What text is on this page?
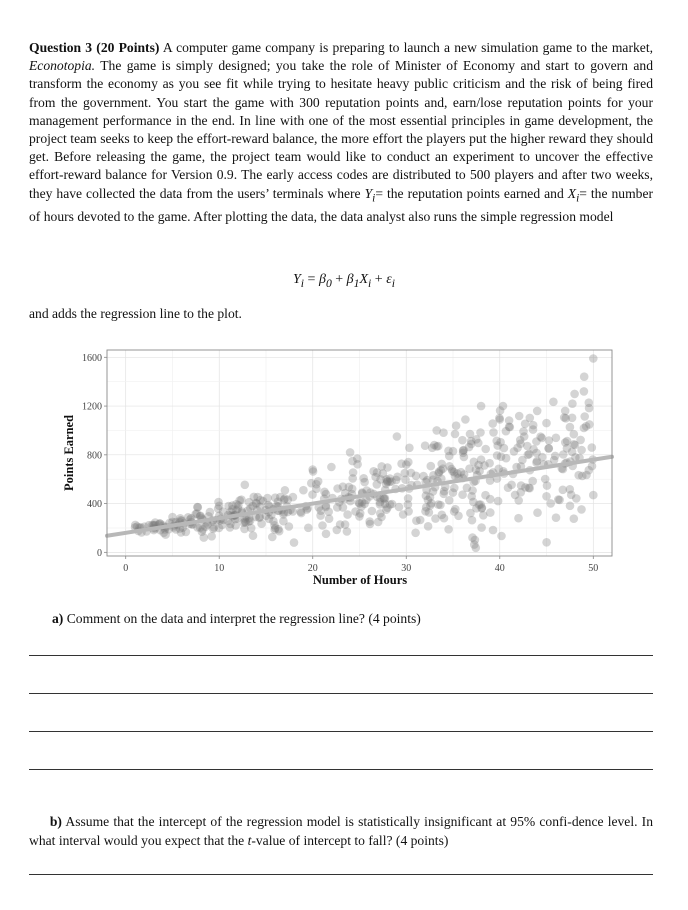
Question 3 (20 Points) A computer game company is preparing to launch a new simulation game to the market, Econotopia. The game is simply designed; you take the role of Minister of Economy and start to govern and transform the economy as you see fit while trying to hesitate heavy public criticism and the risk of being fired from the government. You start the game with 300 reputation points and, earn/lose reputation points for your management performance in the end. In line with one of the most essential principles in game development, the project team seeks to keep the effort-reward balance, the more effort the players put the higher reward they should get. Before releasing the game, the project team would like to conduct an experiment to uncover the effective effort-reward balance for Version 0.9. The early access codes are distributed to 500 players and after two weeks, they have collected the data from the users’ terminals where $Y_i=$ the reputation points earned and $X_i=$ the number of hours devoted to the game. After plotting the data, the data analyst also runs the simple regression model
$Y_i = \beta_0 + \beta_1X_i + \varepsilon_i$
and adds the regression line to the plot.
0	10	20	30	40	50
0
400
800
1200
1600
Number of Hours
Points Earned
a) Comment on the data and interpret the regression line? (4 points)
b) Assume that the intercept of the regression model is statistically insignificant at 95% confi-dence level. In what interval would you expect that the t-value of intercept to fall? (4 points)
